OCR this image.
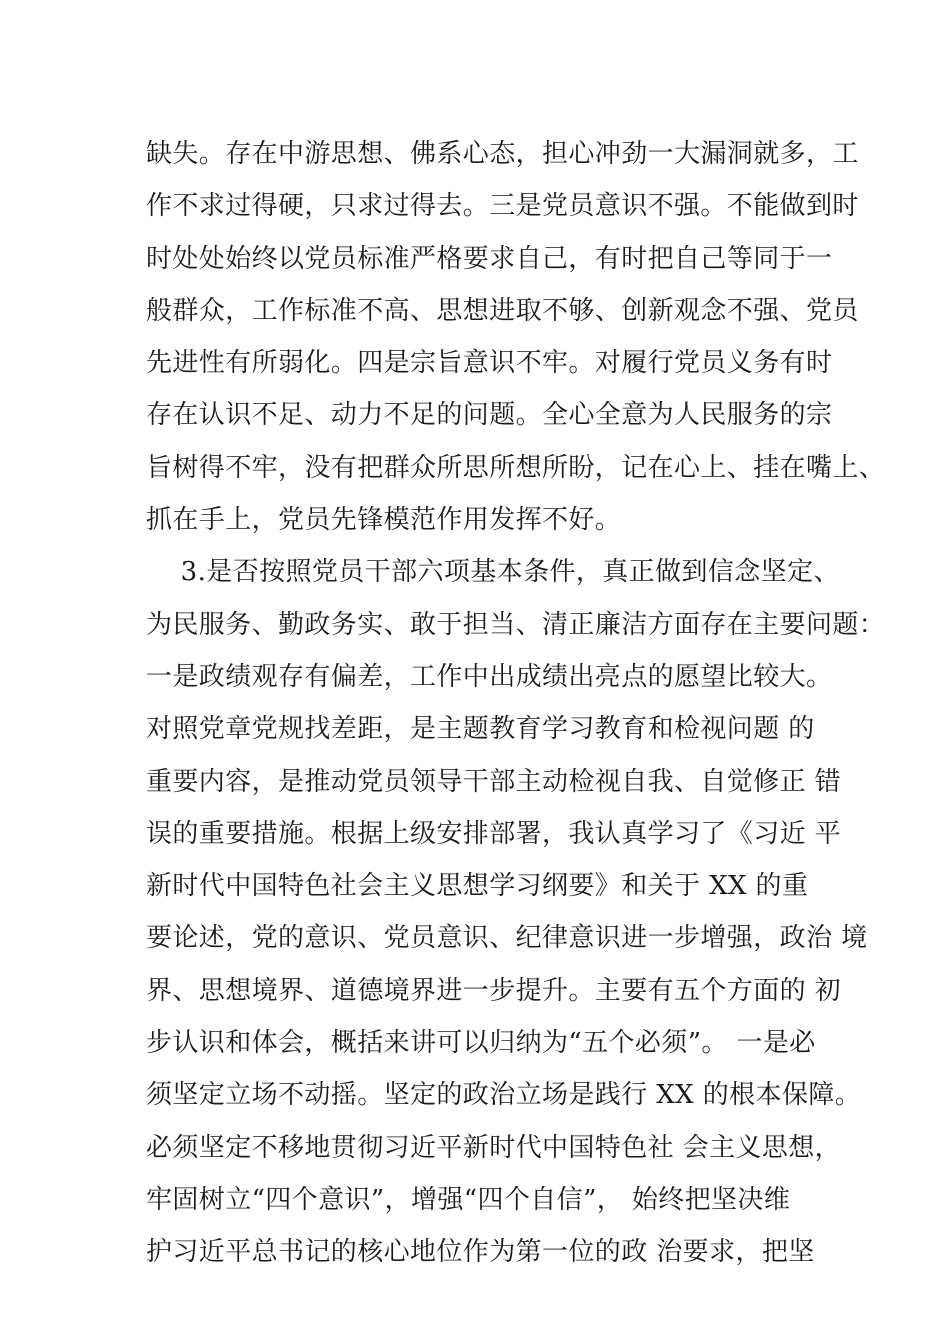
缺失。存在中游思想、佛系心态，担心冲劲一大漏洞就多，工
作不求过得硬，只求过得去。三是党员意识不强。不能做到时
时处处始终以党员标准严格要求自己，有时把自己等同于一
般群众，工作标准不高、思想进取不够、创新观念不强、党员
先进性有所弱化。四是宗旨意识不牢。对履行党员义务有时
存在认识不足、动力不足的问题。全心全意为人民服务的宗
旨树得不牢，没有把群众所思所想所盼，记在心上、挂在嘴上、
抓在手上，党员先锋模范作用发挥不好。
3.是否按照党员干部六项基本条件，真正做到信念坚定、
为民服务、勤政务实、敢于担当、清正廉洁方面存在主要问题：
一是政绩观存有偏差，工作中出成绩出亮点的愿望比较大。
对照党章党规找差距，是主题教育学习教育和检视问题 的
重要内容，是推动党员领导干部主动检视自我、自觉修正 错
误的重要措施。根据上级安排部署，我认真学习了《习近 平
新时代中国特色社会主义思想学习纲要》和关于 XX 的重
要论述，党的意识、党员意识、纪律意识进一步增强，政治 境
界、思想境界、道德境界进一步提升。主要有五个方面的 初
步认识和体会，概括来讲可以归纳为“五个必须”。 一是必
须坚定立场不动摇。坚定的政治立场是践行 XX 的根本保障。
必须坚定不移地贯彻习近平新时代中国特色社 会主义思想，
牢固树立“四个意识”，增强“四个自信”， 始终把坚决维
护习近平总书记的核心地位作为第一位的政 治要求，把坚
